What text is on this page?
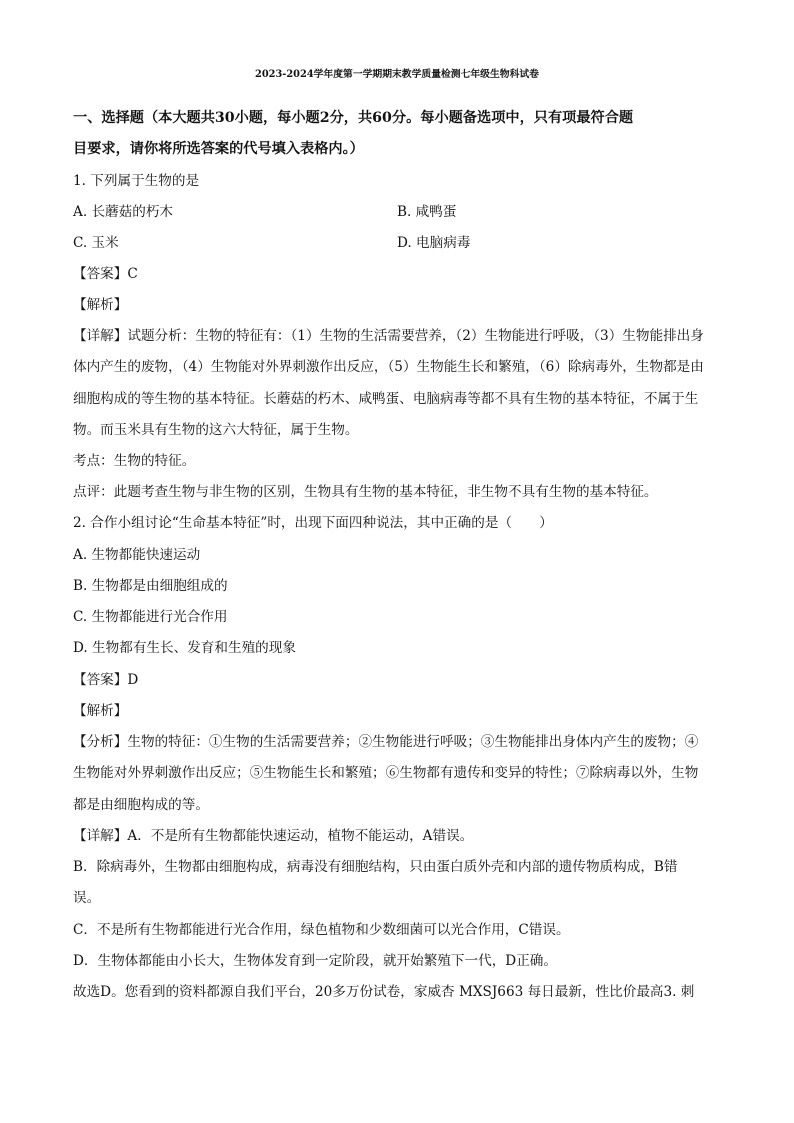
2023-2024学年度第一学期期末教学质量检测七年级生物科试卷
一、选择题（本大题共30小题，每小题2分，共60分。每小题备选项中，只有项最符合题
目要求，请你将所选答案的代号填入表格内。）
1. 下列属于生物的是
A. 长蘑菇的朽木	B. 咸鸭蛋
C. 玉米	D. 电脑病毒
【答案】C
【解析】
【详解】试题分析：生物的特征有：（1）生物的生活需要营养，（2）生物能进行呼吸，（3）生物能排出身
体内产生的废物，（4）生物能对外界刺激作出反应，（5）生物能生长和繁殖，（6）除病毒外，生物都是由
细胞构成的等生物的基本特征。长蘑菇的朽木、咸鸭蛋、电脑病毒等都不具有生物的基本特征，不属于生
物。而玉米具有生物的这六大特征，属于生物。
考点：生物的特征。
点评：此题考查生物与非生物的区别，生物具有生物的基本特征，非生物不具有生物的基本特征。
2. 合作小组讨论“生命基本特征”时，出现下面四种说法，其中正确的是（　　）
A. 生物都能快速运动
B. 生物都是由细胞组成的
C. 生物都能进行光合作用
D. 生物都有生长、发育和生殖的现象
【答案】D
【解析】
【分析】生物的特征：①生物的生活需要营养；②生物能进行呼吸；③生物能排出身体内产生的废物；④
生物能对外界刺激作出反应；⑤生物能生长和繁殖；⑥生物都有遗传和变异的特性；⑦除病毒以外，生物
都是由细胞构成的等。
【详解】A．不是所有生物都能快速运动，植物不能运动，A错误。
B．除病毒外，生物都由细胞构成，病毒没有细胞结构，只由蛋白质外壳和内部的遗传物质构成，B错
误。
C．不是所有生物都能进行光合作用，绿色植物和少数细菌可以光合作用，C错误。
D．生物体都能由小长大，生物体发育到一定阶段，就开始繁殖下一代，D正确。
故选D。您看到的资料都源自我们平台，20多万份试卷，家威杏 MXSJ663 每日最新，性比价最高3. 刺
